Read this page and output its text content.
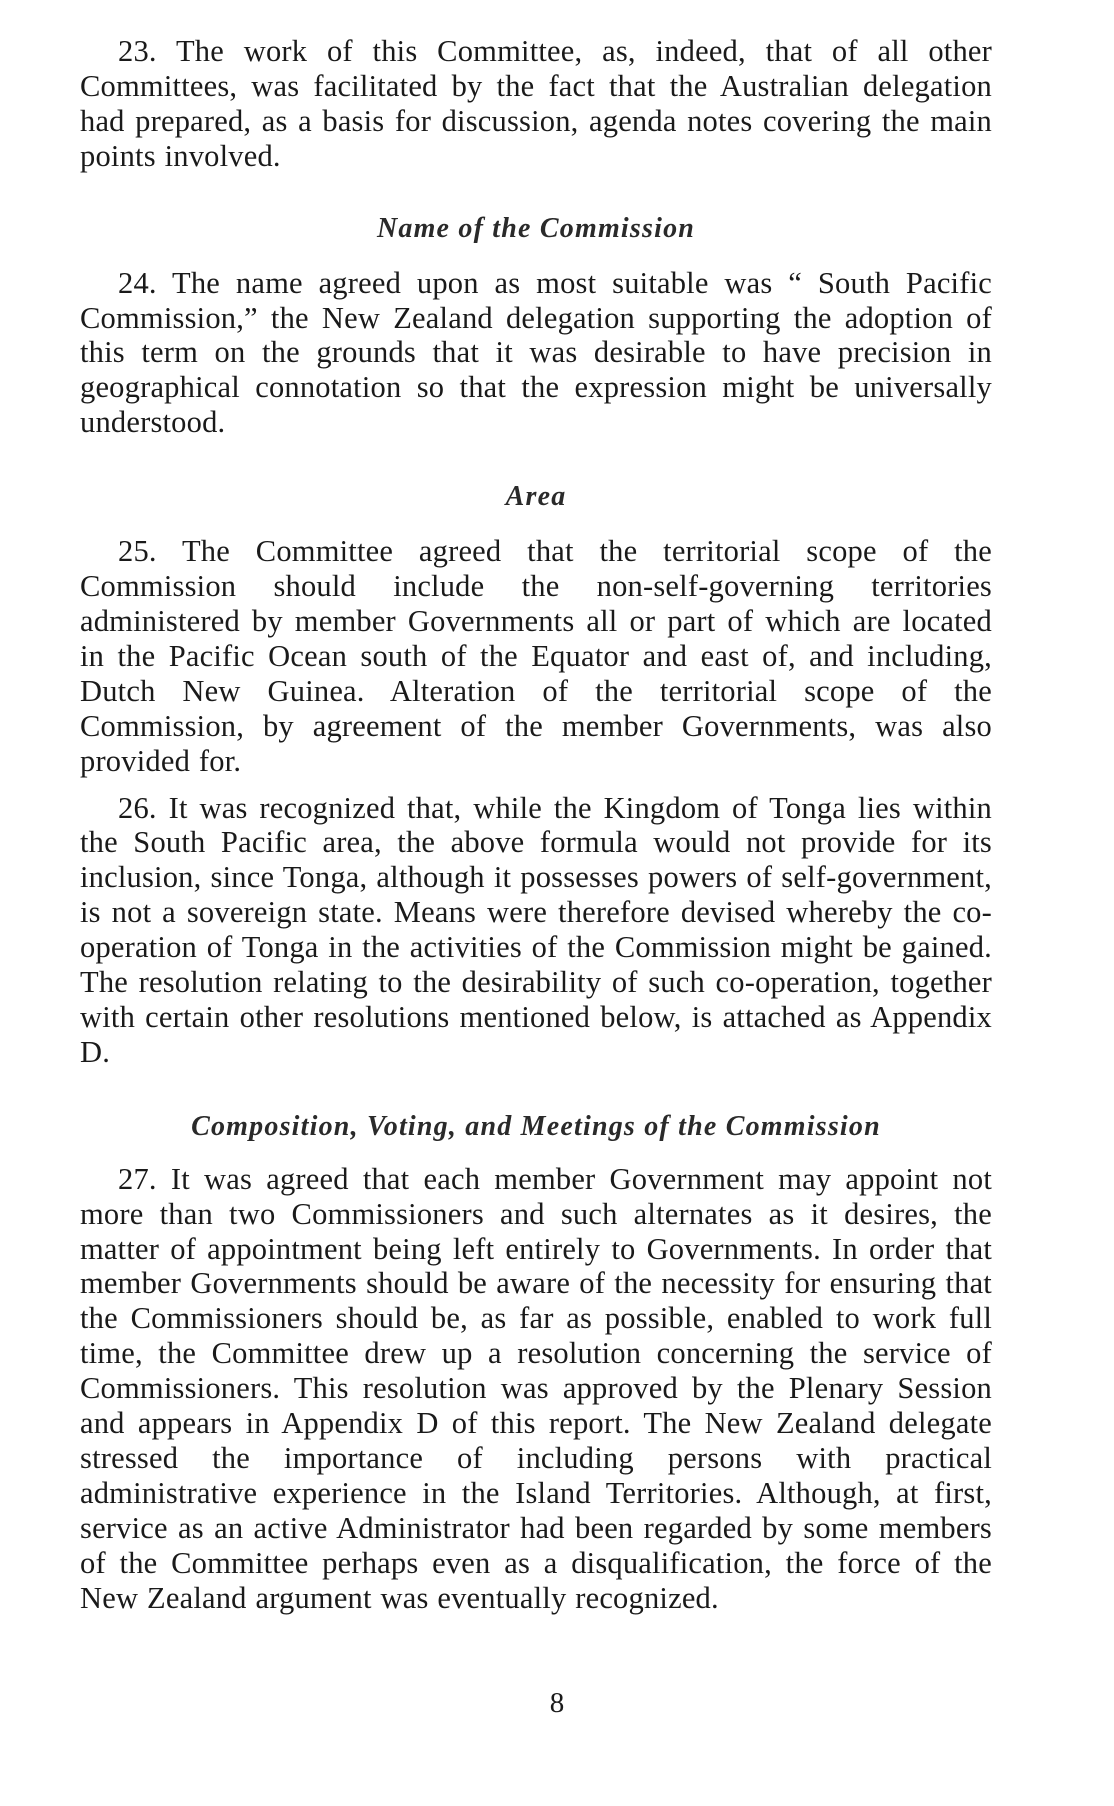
23. The work of this Committee, as, indeed, that of all other Committees, was facilitated by the fact that the Australian delegation had prepared, as a basis for discussion, agenda notes covering the main points involved.

Name of the Commission

24. The name agreed upon as most suitable was “ South Pacific Commission,” the New Zealand delegation supporting the adoption of this term on the grounds that it was desirable to have precision in geographical connotation so that the expression might be universally understood.

Area

25. The Committee agreed that the territorial scope of the Commission should include the non-self-governing territories administered by member Governments all or part of which are located in the Pacific Ocean south of the Equator and east of, and including, Dutch New Guinea. Alteration of the territorial scope of the Commission, by agreement of the member Governments, was also provided for.

26. It was recognized that, while the Kingdom of Tonga lies within the South Pacific area, the above formula would not provide for its inclusion, since Tonga, although it possesses powers of self-government, is not a sovereign state. Means were therefore devised whereby the co-operation of Tonga in the activities of the Commission might be gained. The resolution relating to the desirability of such co-operation, together with certain other resolutions mentioned below, is attached as Appendix D.

Composition, Voting, and Meetings of the Commission

27. It was agreed that each member Government may appoint not more than two Commissioners and such alternates as it desires, the matter of appointment being left entirely to Governments. In order that member Governments should be aware of the necessity for ensuring that the Commissioners should be, as far as possible, enabled to work full time, the Committee drew up a resolution concerning the service of Commissioners. This resolution was approved by the Plenary Session and appears in Appendix D of this report. The New Zealand delegate stressed the importance of including persons with practical administrative experience in the Island Territories. Although, at first, service as an active Administrator had been regarded by some members of the Committee perhaps even as a disqualification, the force of the New Zealand argument was eventually recognized.

8
